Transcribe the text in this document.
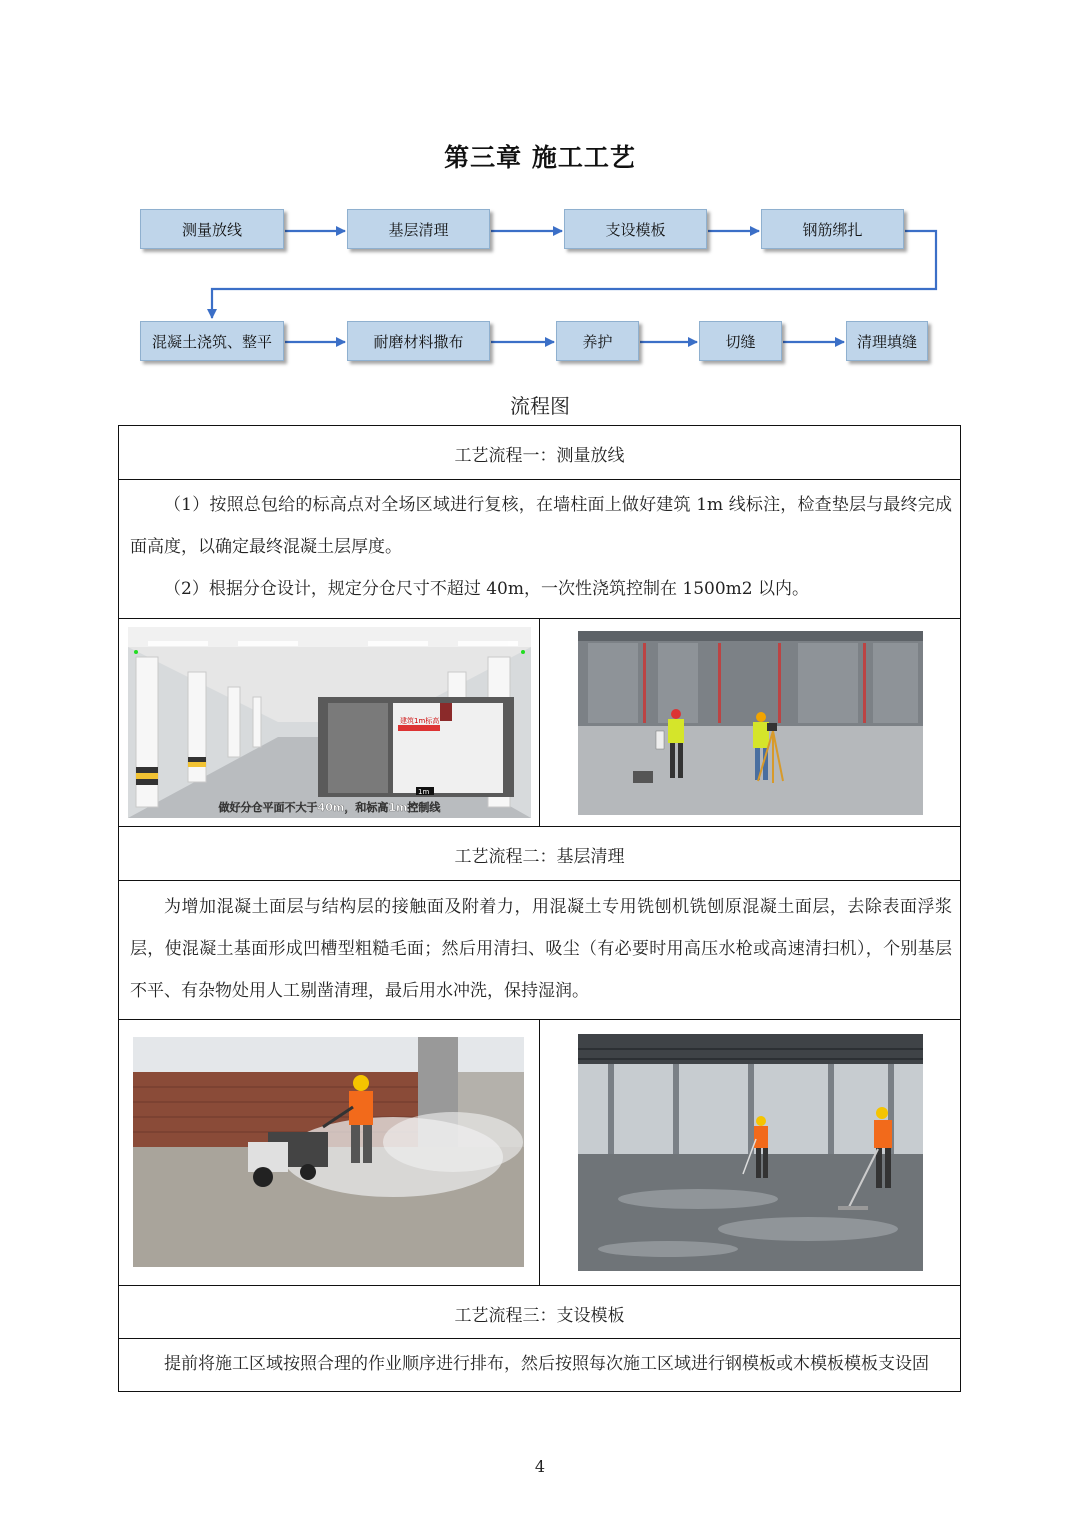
第三章 施工工艺
测量放线	基层清理	支设模板	钢筋绑扎
混凝土浇筑、整平	耐磨材料撒布	养护	切缝	清理填缝
流程图
工艺流程一：测量放线

（1）按照总包给的标高点对全场区域进行复核，在墙柱面上做好建筑 1m 线标注，检查垫层与最终完成面高度，以确定最终混凝土层厚度。

（2）根据分仓设计，规定分仓尺寸不超过 40m，一次性浇筑控制在 1500m2 以内。

建筑1m标高
1m
做好分仓平面不大于40m，和标高1m控制线
工艺流程二：基层清理

为增加混凝土面层与结构层的接触面及附着力，用混凝土专用铣刨机铣刨原混凝土面层，去除表面浮浆层，使混凝土基面形成凹槽型粗糙毛面；然后用清扫、吸尘（有必要时用高压水枪或高速清扫机），个别基层不平、有杂物处用人工剔凿清理，最后用水冲洗，保持湿润。

工艺流程三：支设模板

提前将施工区域按照合理的作业顺序进行排布，然后按照每次施工区域进行钢模板或木模板模板支设固

4
